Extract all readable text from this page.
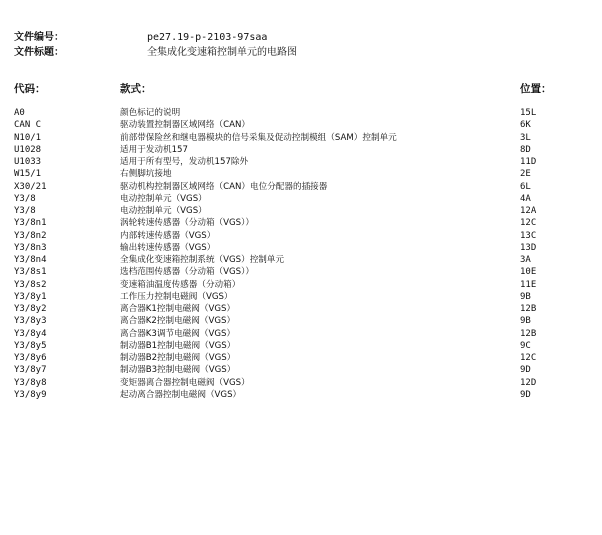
文件编号：	pe27.19-p-2103-97saa
文件标题：	全集成化变速箱控制单元的电路图
代码：	款式：	位置：
A0	颜色标记的说明	15L
CAN C	驱动装置控制器区域网络（CAN）	6K
N10/1	前部带保险丝和继电器模块的信号采集及促动控制模组（SAM）控制单元	3L
U1028	适用于发动机157	8D
U1033	适用于所有型号，发动机157除外	11D
W15/1	右侧脚坑接地	2E
X30/21	驱动机构控制器区域网络（CAN）电位分配器的插接器	6L
Y3/8	电动控制单元（VGS）	4A
Y3/8	电动控制单元（VGS）	12A
Y3/8n1	涡轮转速传感器（分动箱（VGS））	12C
Y3/8n2	内部转速传感器（VGS）	13C
Y3/8n3	输出转速传感器（VGS）	13D
Y3/8n4	全集成化变速箱控制系统（VGS）控制单元	3A
Y3/8s1	选档范围传感器（分动箱（VGS））	10E
Y3/8s2	变速箱油温度传感器（分动箱）	11E
Y3/8y1	工作压力控制电磁阀（VGS）	9B
Y3/8y2	离合器K1控制电磁阀（VGS）	12B
Y3/8y3	离合器K2控制电磁阀（VGS）	9B
Y3/8y4	离合器K3调节电磁阀（VGS）	12B
Y3/8y5	制动器B1控制电磁阀（VGS）	9C
Y3/8y6	制动器B2控制电磁阀（VGS）	12C
Y3/8y7	制动器B3控制电磁阀（VGS）	9D
Y3/8y8	变矩器离合器控制电磁阀（VGS）	12D
Y3/8y9	起动离合器控制电磁阀（VGS）	9D
